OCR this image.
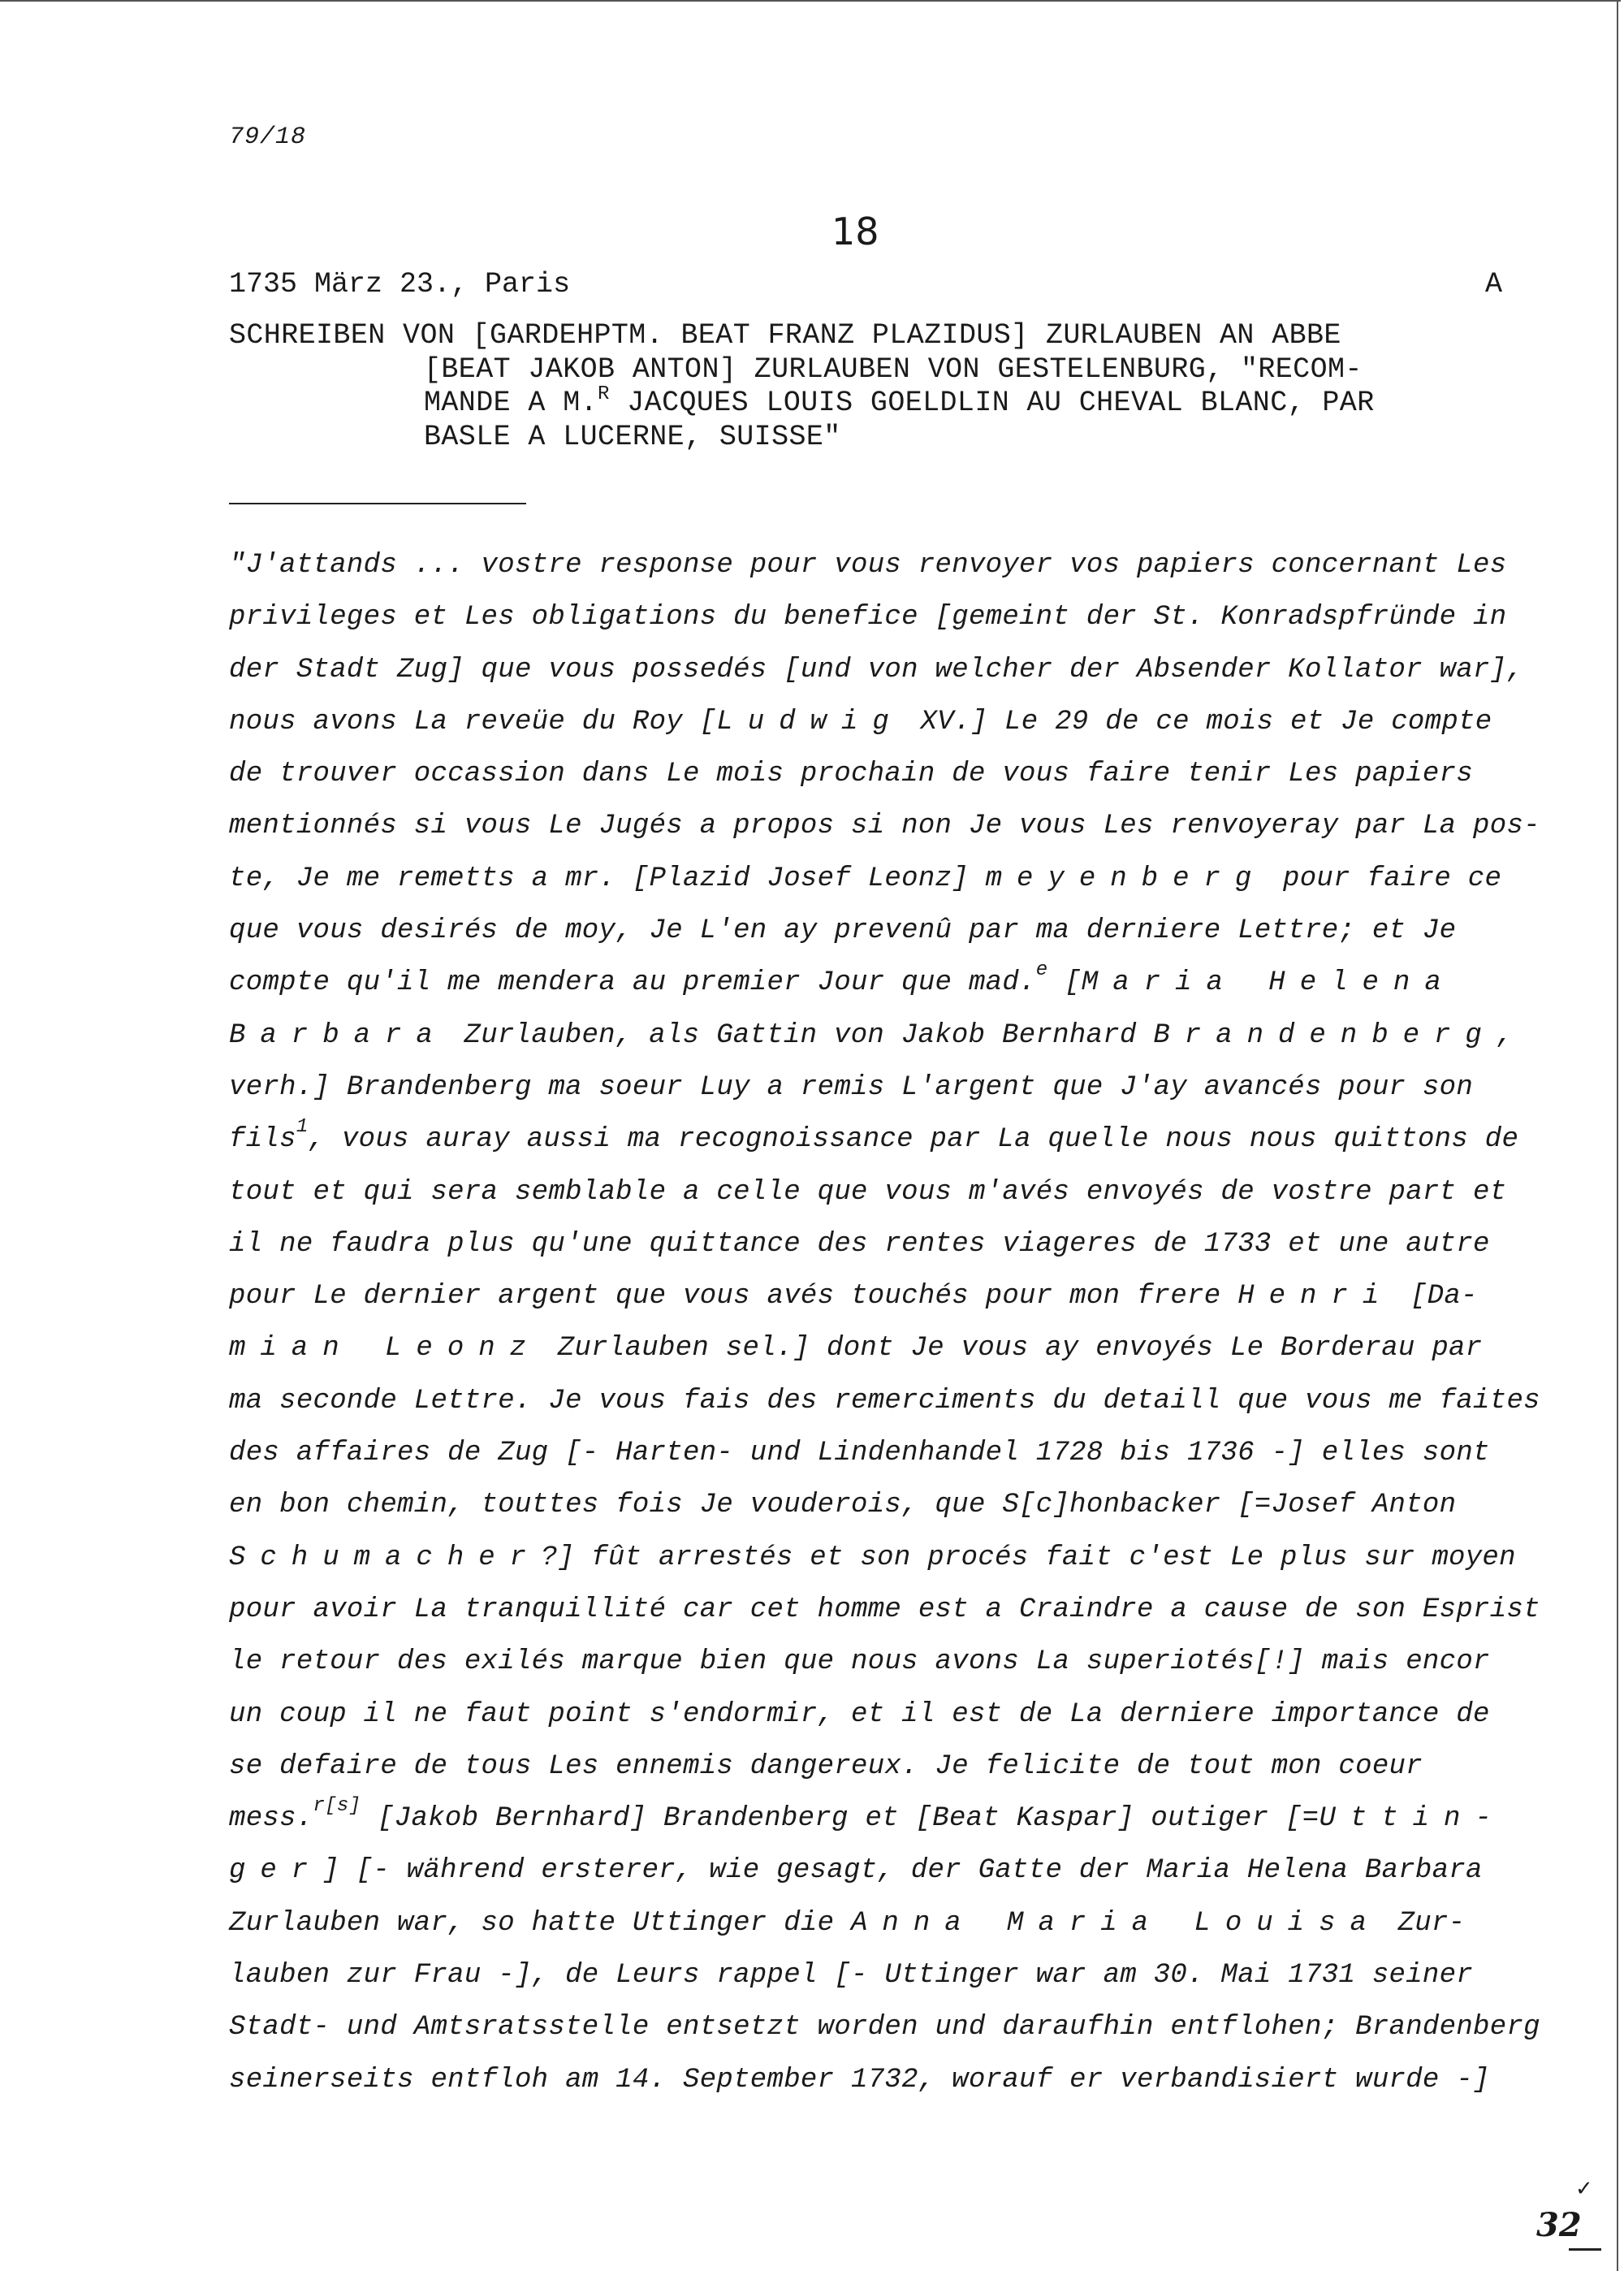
79/18
18
1735 März 23., Paris	A
SCHREIBEN VON [GARDEHPTM. BEAT FRANZ PLAZIDUS] ZURLAUBEN AN ABBE
[BEAT JAKOB ANTON] ZURLAUBEN VON GESTELENBURG, "RECOM-
MANDE A M.$^R$ JACQUES LOUIS GOELDLIN AU CHEVAL BLANC, PAR
BASLE A LUCERNE, SUISSE"
"J'attands ... vostre response pour vous renvoyer vos papiers concernant Les
privileges et Les obligations du benefice [gemeint der St. Konradspfründe in
der Stadt Zug] que vous possedés [und von welcher der Absender Kollator war],
nous avons La reveüe du Roy [Ludwig XV.] Le 29 de ce mois et Je compte
de trouver occassion dans Le mois prochain de vous faire tenir Les papiers
mentionnés si vous Le Jugés a propos si non Je vous Les renvoyeray par La pos-
te, Je me remetts a mr. [Plazid Josef Leonz] meyenberg pour faire ce
que vous desirés de moy, Je L'en ay prevenû par ma derniere Lettre; et Je
compte qu'il me mendera au premier Jour que mad.$^e$ [Maria Helena
Barbara Zurlauben, als Gattin von Jakob Bernhard Brandenberg,
verh.] Brandenberg ma soeur Luy a remis L'argent que J'ay avancés pour son
fils$^1$, vous auray aussi ma recognoissance par La quelle nous nous quittons de
tout et qui sera semblable a celle que vous m'avés envoyés de vostre part et
il ne faudra plus qu'une quittance des rentes viageres de 1733 et une autre
pour Le dernier argent que vous avés touchés pour mon frere Henri [Da-
mian Leonz Zurlauben sel.] dont Je vous ay envoyés Le Borderau par
ma seconde Lettre. Je vous fais des remerciments du detaill que vous me faites
des affaires de Zug [- Harten- und Lindenhandel 1728 bis 1736 -] elles sont
en bon chemin, touttes fois Je vouderois, que S[c]honbacker [=Josef Anton
Schumacher?] fût arrestés et son procés fait c'est Le plus sur moyen
pour avoir La tranquillité car cet homme est a Craindre a cause de son Esprist
le retour des exilés marque bien que nous avons La superiotés[!] mais encor
un coup il ne faut point s'endormir, et il est de La derniere importance de
se defaire de tous Les ennemis dangereux. Je felicite de tout mon coeur
mess.$^{r[s]}$ [Jakob Bernhard] Brandenberg et [Beat Kaspar] outiger [=Uttin-
ger] [- während ersterer, wie gesagt, der Gatte der Maria Helena Barbara
Zurlauben war, so hatte Uttinger die Anna Maria Louisa Zur-
lauben zur Frau -], de Leurs rappel [- Uttinger war am 30. Mai 1731 seiner
Stadt- und Amtsratsstelle entsetzt worden und daraufhin entflohen; Brandenberg
seinerseits entfloh am 14. September 1732, worauf er verbandisiert wurde -]
✓
32
